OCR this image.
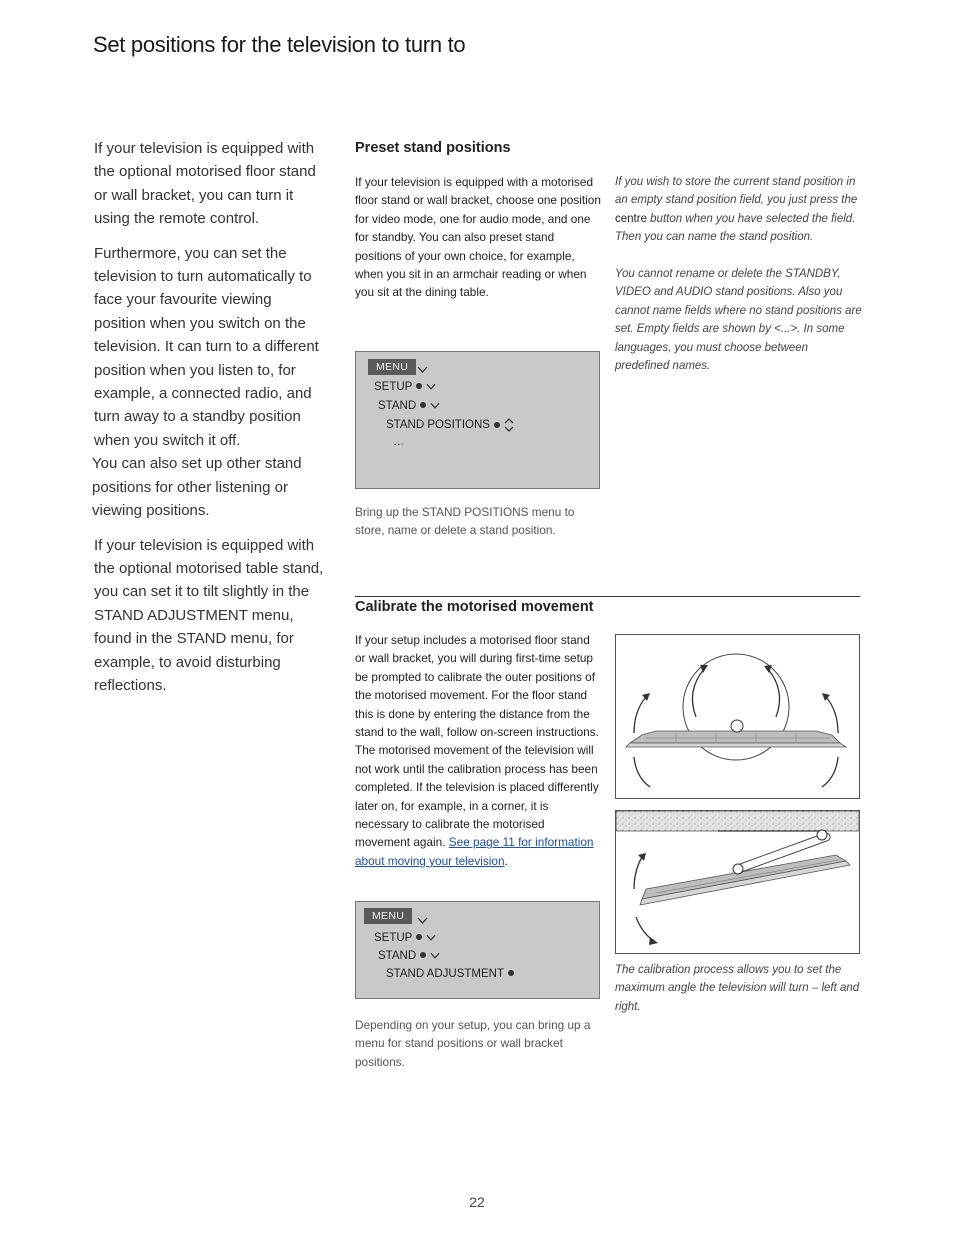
Set positions for the television to turn to

If your television is equipped with the optional motorised floor stand or wall bracket, you can turn it using the remote control.

Furthermore, you can set the television to turn automatically to face your favourite viewing position when you switch on the television. It can turn to a different position when you listen to, for example, a connected radio, and turn away to a standby position when you switch it off.

You can also set up other stand positions for other listening or viewing positions.

If your television is equipped with the optional motorised table stand, you can set it to tilt slightly in the STAND ADJUSTMENT menu, found in the STAND menu, for example, to avoid disturbing reflections.

Preset stand positions
If your television is equipped with a motorised floor stand or wall bracket, choose one position for video mode, one for audio mode, and one for standby. You can also preset stand positions of your own choice, for example, when you sit in an armchair reading or when you sit at the dining table.

If you wish to store the current stand position in an empty stand position field, you just press the centre button when you have selected the field. Then you can name the stand position.

You cannot rename or delete the STANDBY, VIDEO and AUDIO stand positions. Also you cannot name fields where no stand positions are set. Empty fields are shown by <...>. In some languages, you must choose between predefined names.

MENU
SETUP
STAND
STAND POSITIONS
…
Bring up the STAND POSITIONS menu to store, name or delete a stand position.
Calibrate the motorised movement
If your setup includes a motorised floor stand or wall bracket, you will during first-time setup be prompted to calibrate the outer positions of the motorised movement. For the floor stand this is done by entering the distance from the stand to the wall, follow on-screen instructions. The motorised movement of the television will not work until the calibration process has been completed. If the television is placed differently later on, for example, in a corner, it is necessary to calibrate the motorised movement again. See page 11 for information about moving your television.
MENU
SETUP
STAND
STAND ADJUSTMENT
Depending on your setup, you can bring up a menu for stand positions or wall bracket positions.
The calibration process allows you to set the maximum angle the television will turn – left and right.
22
